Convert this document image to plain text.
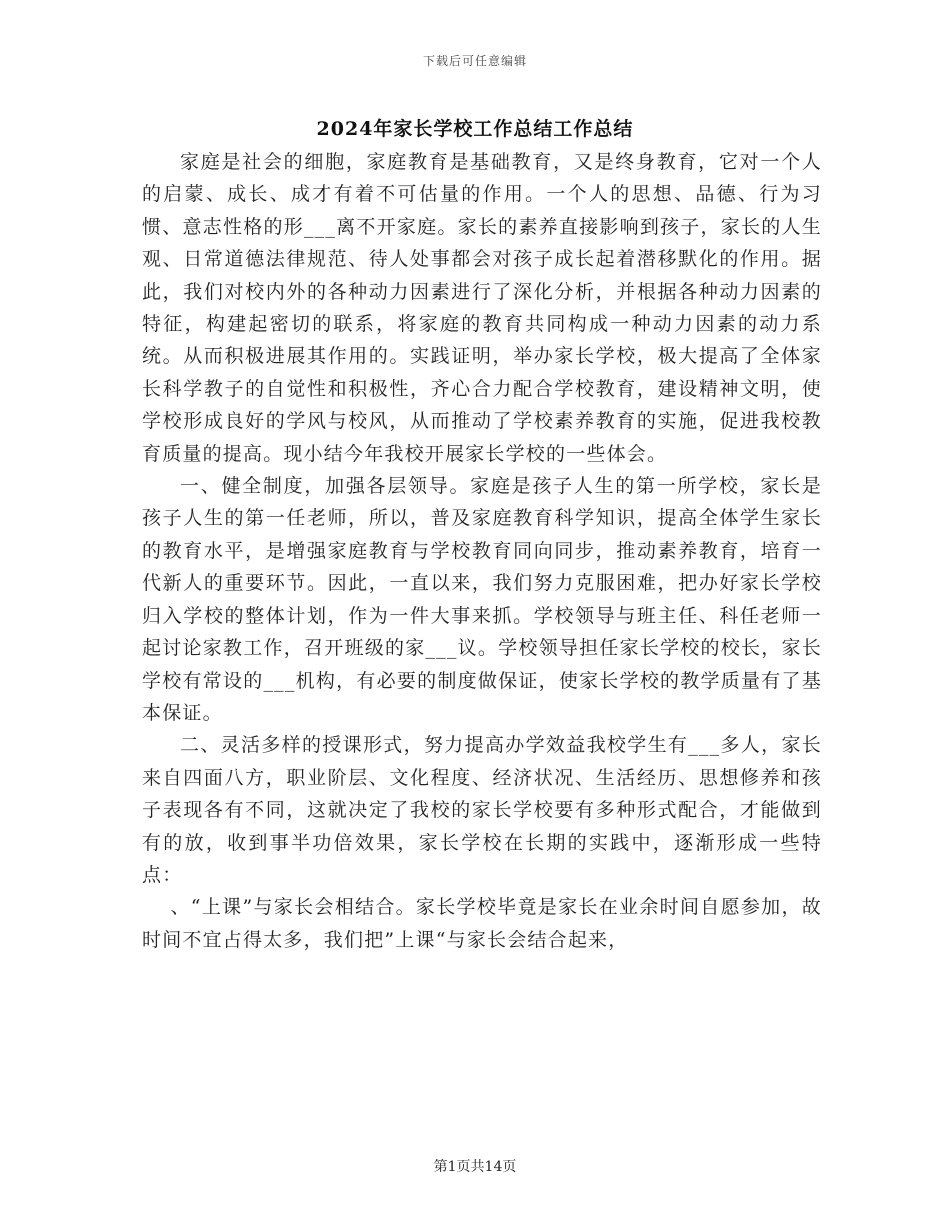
下载后可任意编辑
2024年家长学校工作总结工作总结

家庭是社会的细胞，家庭教育是基础教育，又是终身教育，它对一个人的启蒙、成长、成才有着不可估量的作用。一个人的思想、品德、行为习惯、意志性格的形___离不开家庭。家长的素养直接影响到孩子，家长的人生观、日常道德法律规范、待人处事都会对孩子成长起着潜移默化的作用。据此，我们对校内外的各种动力因素进行了深化分析，并根据各种动力因素的特征，构建起密切的联系，将家庭的教育共同构成一种动力因素的动力系统。从而积极进展其作用的。实践证明，举办家长学校，极大提高了全体家长科学教子的自觉性和积极性，齐心合力配合学校教育，建设精神文明，使学校形成良好的学风与校风，从而推动了学校素养教育的实施，促进我校教育质量的提高。现小结今年我校开展家长学校的一些体会。

一、健全制度，加强各层领导。家庭是孩子人生的第一所学校，家长是孩子人生的第一任老师，所以，普及家庭教育科学知识，提高全体学生家长的教育水平，是增强家庭教育与学校教育同向同步，推动素养教育，培育一代新人的重要环节。因此，一直以来，我们努力克服困难，把办好家长学校归入学校的整体计划，作为一件大事来抓。学校领导与班主任、科任老师一起讨论家教工作，召开班级的家___议。学校领导担任家长学校的校长，家长学校有常设的___机构，有必要的制度做保证，使家长学校的教学质量有了基本保证。

二、灵活多样的授课形式，努力提高办学效益我校学生有___多人，家长来自四面八方，职业阶层、文化程度、经济状况、生活经历、思想修养和孩子表现各有不同，这就决定了我校的家长学校要有多种形式配合，才能做到有的放，收到事半功倍效果，家长学校在长期的实践中，逐渐形成一些特点：

、“上课”与家长会相结合。家长学校毕竟是家长在业余时间自愿参加，故时间不宜占得太多，我们把”上课“与家长会结合起来，

第1页共14页
